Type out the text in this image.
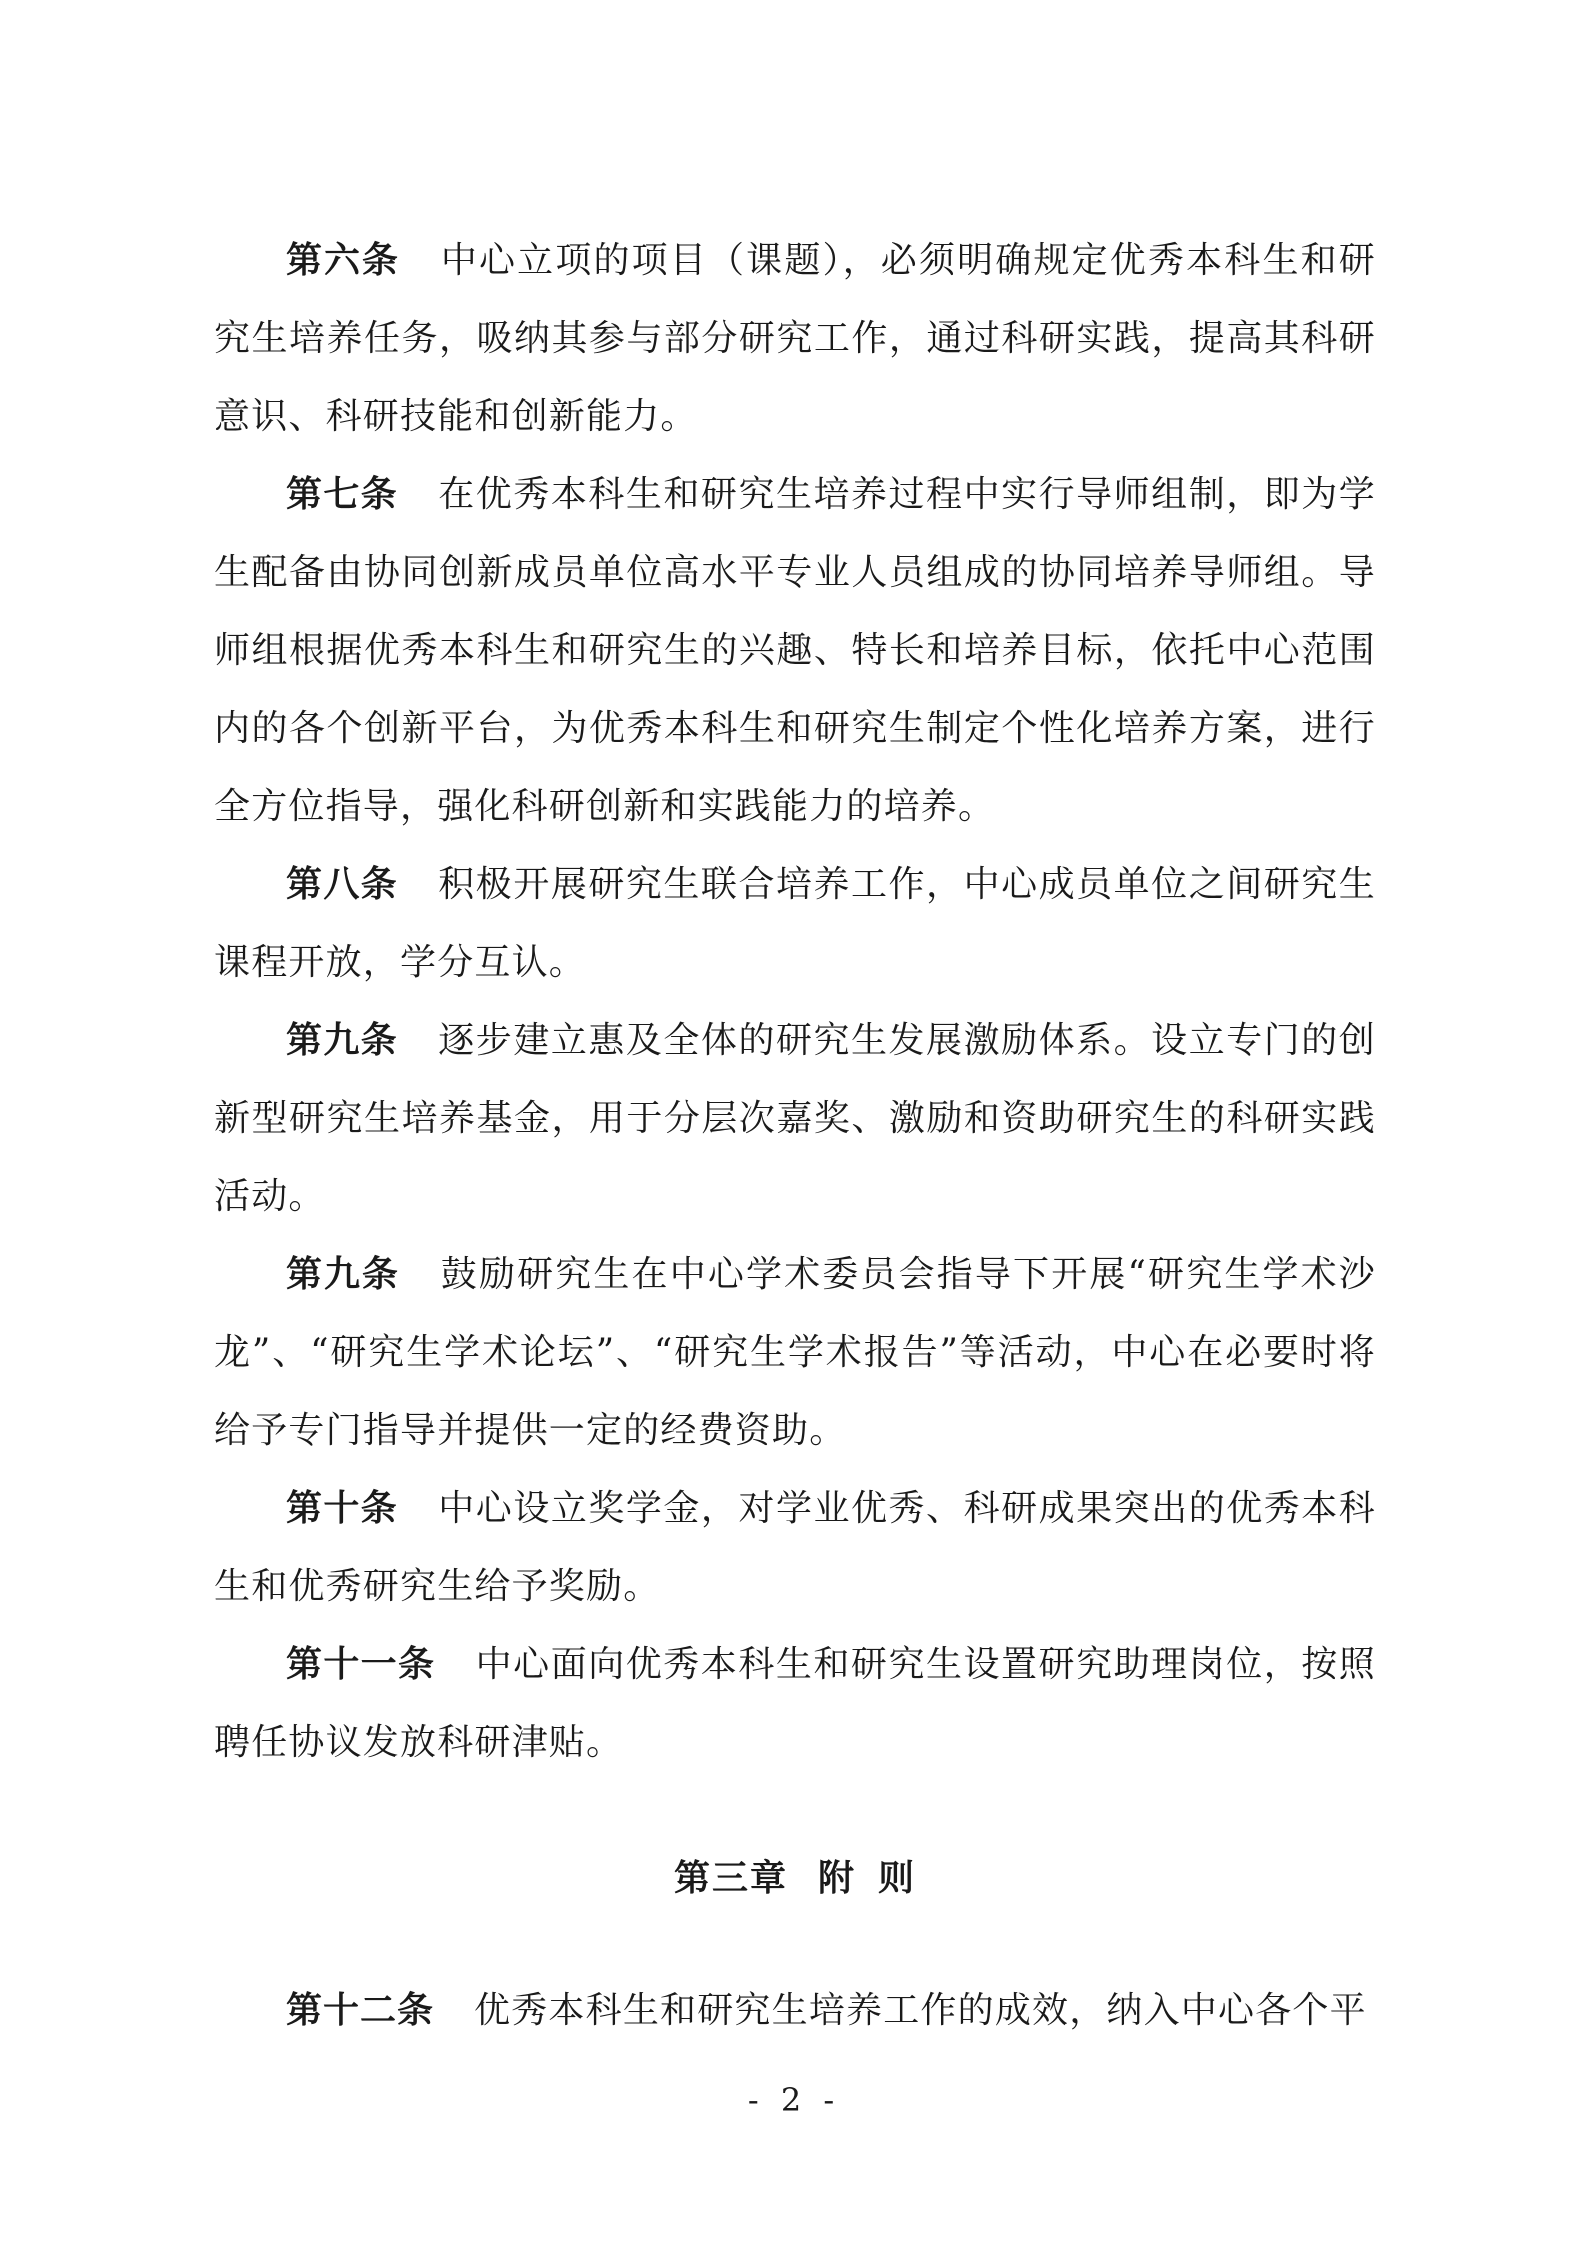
第六条 中心立项的项目（课题），必须明确规定优秀本科生和研究生培养任务，吸纳其参与部分研究工作，通过科研实践，提高其科研意识、科研技能和创新能力。

第七条 在优秀本科生和研究生培养过程中实行导师组制，即为学生配备由协同创新成员单位高水平专业人员组成的协同培养导师组。导师组根据优秀本科生和研究生的兴趣、特长和培养目标，依托中心范围内的各个创新平台，为优秀本科生和研究生制定个性化培养方案，进行全方位指导，强化科研创新和实践能力的培养。

第八条 积极开展研究生联合培养工作，中心成员单位之间研究生课程开放，学分互认。

第九条 逐步建立惠及全体的研究生发展激励体系。设立专门的创新型研究生培养基金，用于分层次嘉奖、激励和资助研究生的科研实践活动。

第九条 鼓励研究生在中心学术委员会指导下开展“研究生学术沙龙”、“研究生学术论坛”、“研究生学术报告”等活动，中心在必要时将给予专门指导并提供一定的经费资助。

第十条 中心设立奖学金，对学业优秀、科研成果突出的优秀本科生和优秀研究生给予奖励。

第十一条 中心面向优秀本科生和研究生设置研究助理岗位，按照聘任协议发放科研津贴。

第三章 附 则

第十二条 优秀本科生和研究生培养工作的成效，纳入中心各个平

- 2 -
